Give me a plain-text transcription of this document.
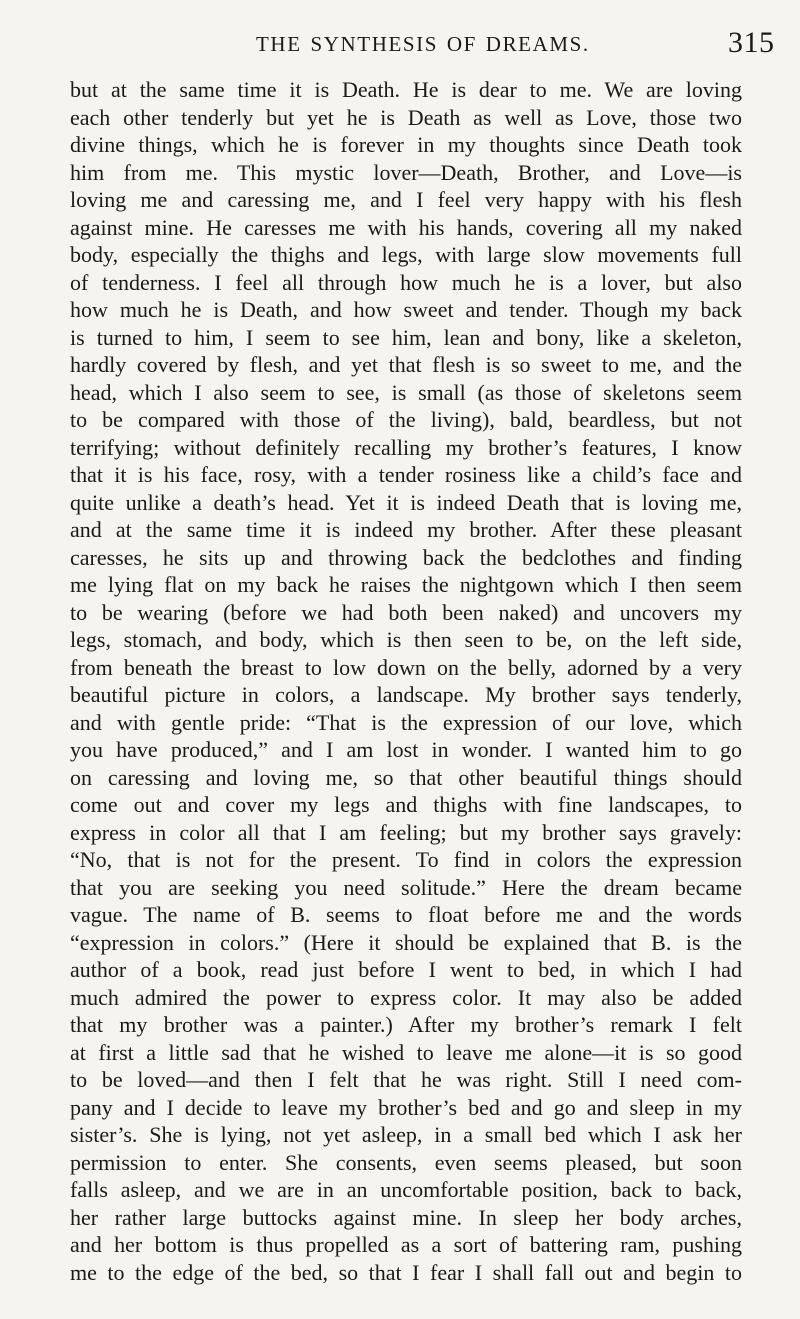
THE SYNTHESIS OF DREAMS.	315
but at the same time it is Death. He is dear to me. We are loving
each other tenderly but yet he is Death as well as Love, those two
divine things, which he is forever in my thoughts since Death took
him from me. This mystic lover—Death, Brother, and Love—is
loving me and caressing me, and I feel very happy with his flesh
against mine. He caresses me with his hands, covering all my naked
body, especially the thighs and legs, with large slow movements full
of tenderness. I feel all through how much he is a lover, but also
how much he is Death, and how sweet and tender. Though my back
is turned to him, I seem to see him, lean and bony, like a skeleton,
hardly covered by flesh, and yet that flesh is so sweet to me, and the
head, which I also seem to see, is small (as those of skeletons seem
to be compared with those of the living), bald, beardless, but not
terrifying; without definitely recalling my brother’s features, I know
that it is his face, rosy, with a tender rosiness like a child’s face and
quite unlike a death’s head. Yet it is indeed Death that is loving me,
and at the same time it is indeed my brother. After these pleasant
caresses, he sits up and throwing back the bedclothes and finding
me lying flat on my back he raises the nightgown which I then seem
to be wearing (before we had both been naked) and uncovers my
legs, stomach, and body, which is then seen to be, on the left side,
from beneath the breast to low down on the belly, adorned by a very
beautiful picture in colors, a landscape. My brother says tenderly,
and with gentle pride: “That is the expression of our love, which
you have produced,” and I am lost in wonder. I wanted him to go
on caressing and loving me, so that other beautiful things should
come out and cover my legs and thighs with fine landscapes, to
express in color all that I am feeling; but my brother says gravely:
“No, that is not for the present. To find in colors the expression
that you are seeking you need solitude.” Here the dream became
vague. The name of B. seems to float before me and the words
“expression in colors.” (Here it should be explained that B. is the
author of a book, read just before I went to bed, in which I had
much admired the power to express color. It may also be added
that my brother was a painter.) After my brother’s remark I felt
at first a little sad that he wished to leave me alone—it is so good
to be loved—and then I felt that he was right. Still I need com-
pany and I decide to leave my brother’s bed and go and sleep in my
sister’s. She is lying, not yet asleep, in a small bed which I ask her
permission to enter. She consents, even seems pleased, but soon
falls asleep, and we are in an uncomfortable position, back to back,
her rather large buttocks against mine. In sleep her body arches,
and her bottom is thus propelled as a sort of battering ram, pushing
me to the edge of the bed, so that I fear I shall fall out and begin to
